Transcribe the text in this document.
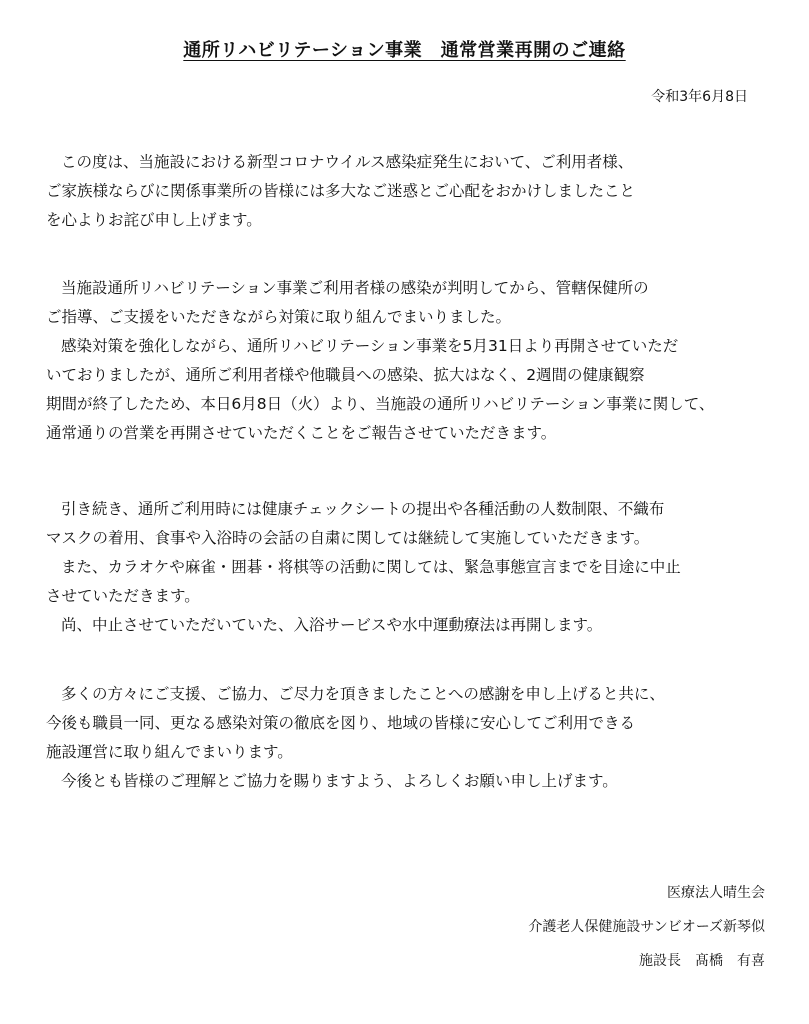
通所リハビリテーション事業　通常営業再開のご連絡
令和3年6月8日
この度は、当施設における新型コロナウイルス感染症発生において、ご利用者様、
ご家族様ならびに関係事業所の皆様には多大なご迷惑とご心配をおかけしましたこと
を心よりお詫び申し上げます。
当施設通所リハビリテーション事業ご利用者様の感染が判明してから、管轄保健所の
ご指導、ご支援をいただきながら対策に取り組んでまいりました。
感染対策を強化しながら、通所リハビリテーション事業を5月31日より再開させていただ
いておりましたが、通所ご利用者様や他職員への感染、拡大はなく、2週間の健康観察
期間が終了したため、本日6月8日（火）より、当施設の通所リハビリテーション事業に関して、
通常通りの営業を再開させていただくことをご報告させていただきます。
引き続き、通所ご利用時には健康チェックシートの提出や各種活動の人数制限、不織布
マスクの着用、食事や入浴時の会話の自粛に関しては継続して実施していただきます。
また、カラオケや麻雀・囲碁・将棋等の活動に関しては、緊急事態宣言までを目途に中止
させていただきます。
尚、中止させていただいていた、入浴サービスや水中運動療法は再開します。
多くの方々にご支援、ご協力、ご尽力を頂きましたことへの感謝を申し上げると共に、
今後も職員一同、更なる感染対策の徹底を図り、地域の皆様に安心してご利用できる
施設運営に取り組んでまいります。
今後とも皆様のご理解とご協力を賜りますよう、よろしくお願い申し上げます。
医療法人晴生会
介護老人保健施設サンビオーズ新琴似
施設長　髙橋　有喜
